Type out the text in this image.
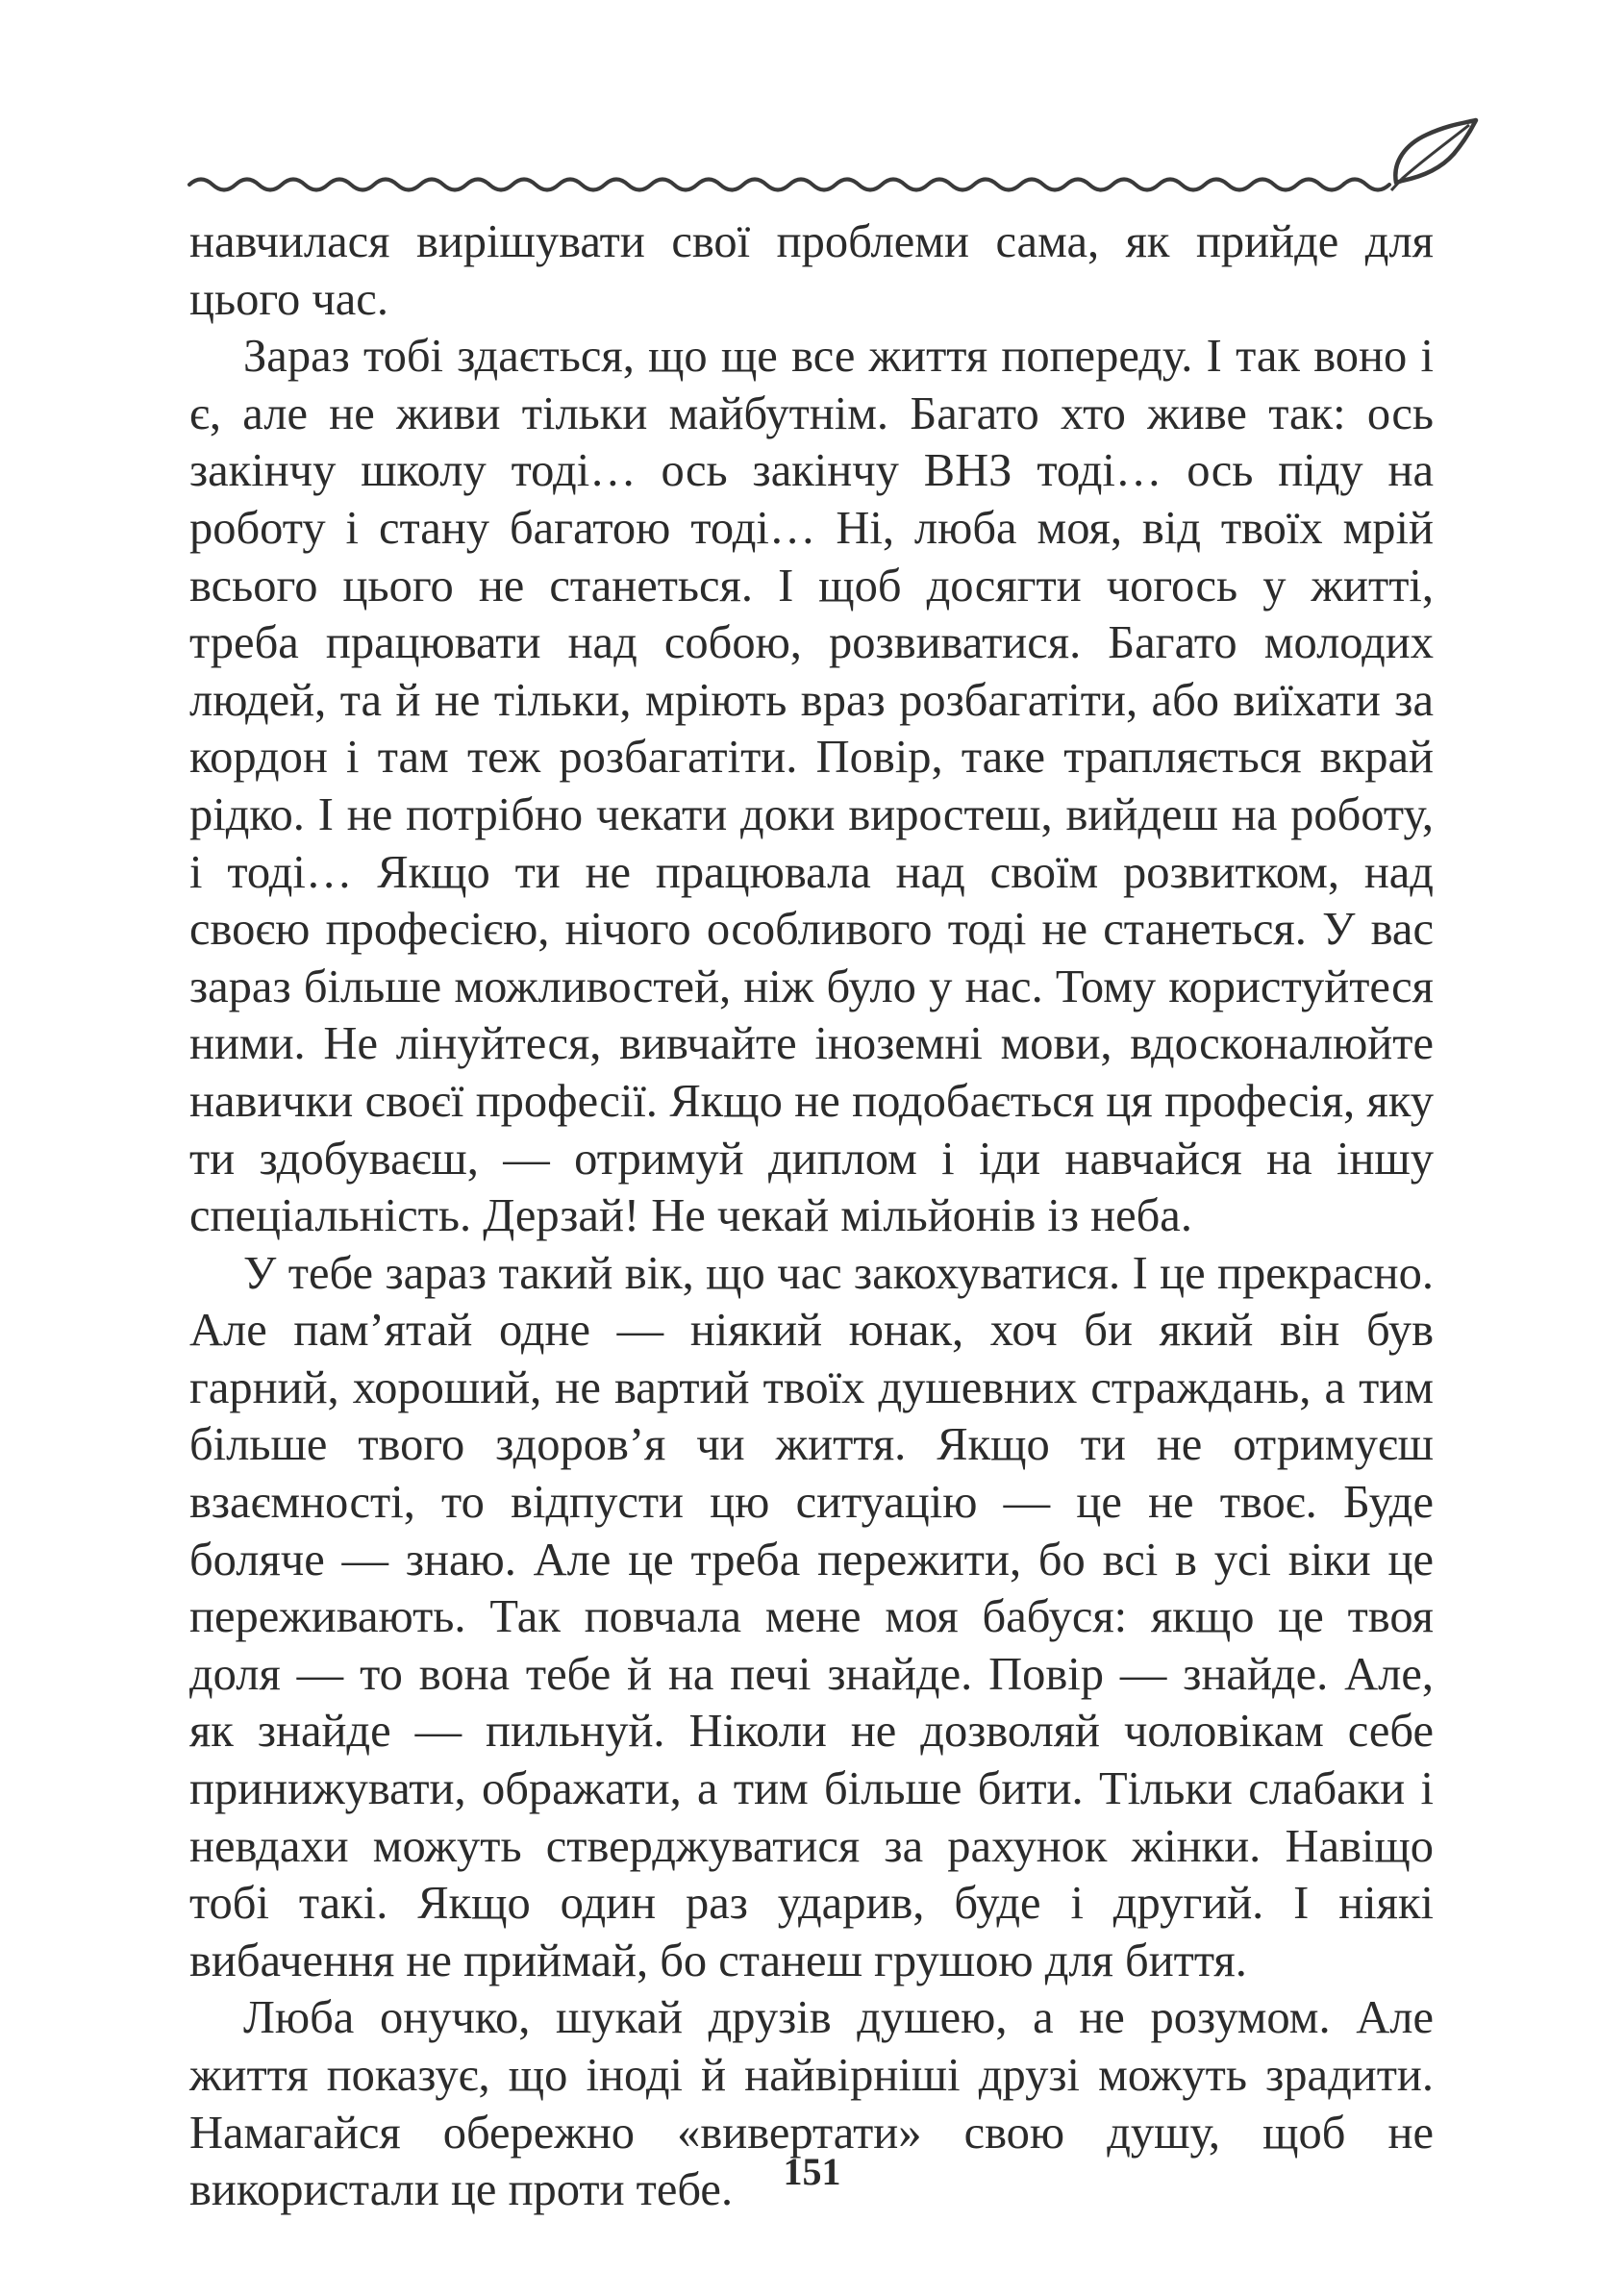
навчилася вирішувати свої проблеми сама, як прийде для цього час.

Зараз тобі здається, що ще все життя попереду. І так воно і є, але не живи тільки майбутнім. Багато хто живе так: ось закінчу школу тоді… ось закінчу ВНЗ тоді… ось піду на роботу і стану багатою тоді… Ні, люба моя, від твоїх мрій всього цього не станеться. І щоб досягти чогось у житті, треба працювати над собою, розвиватися. Багато молодих людей, та й не тільки, мріють враз розбагатіти, або виїхати за кордон і там теж розбагатіти. Повір, таке трапляється вкрай рідко. І не потрібно чекати доки виростеш, вийдеш на роботу, і тоді… Якщо ти не працювала над своїм розвитком, над своєю професією, нічого особливого тоді не станеться. У вас зараз більше можливостей, ніж було у нас. Тому користуйтеся ними. Не лінуйтеся, вивчайте іноземні мови, вдосконалюйте навички своєї професії. Якщо не подобається ця професія, яку ти здобуваєш, — отримуй диплом і іди навчайся на іншу спеціальність. Дерзай! Не чекай мільйонів із неба.

У тебе зараз такий вік, що час закохуватися. І це прекрасно. Але пам’ятай одне — ніякий юнак, хоч би який він був гарний, хороший, не вартий твоїх душевних страждань, а тим більше твого здоров’я чи життя. Якщо ти не отримуєш взаємності, то відпусти цю ситуацію — це не твоє. Буде боляче — знаю. Але це треба пережити, бо всі в усі віки це переживають. Так повчала мене моя бабуся: якщо це твоя доля — то вона тебе й на печі знайде. Повір — знайде. Але, як знайде — пильнуй. Ніколи не дозволяй чоловікам себе принижувати, ображати, а тим більше бити. Тільки слабаки і невдахи можуть стверджуватися за рахунок жінки. Навіщо тобі такі. Якщо один раз ударив, буде і другий. І ніякі вибачення не приймай, бо станеш грушою для биття.

Люба онучко, шукай друзів душею, а не розумом. Але життя показує, що іноді й найвірніші друзі можуть зрадити. Намагайся обережно «вивертати» свою душу, щоб не використали це проти тебе.	151
